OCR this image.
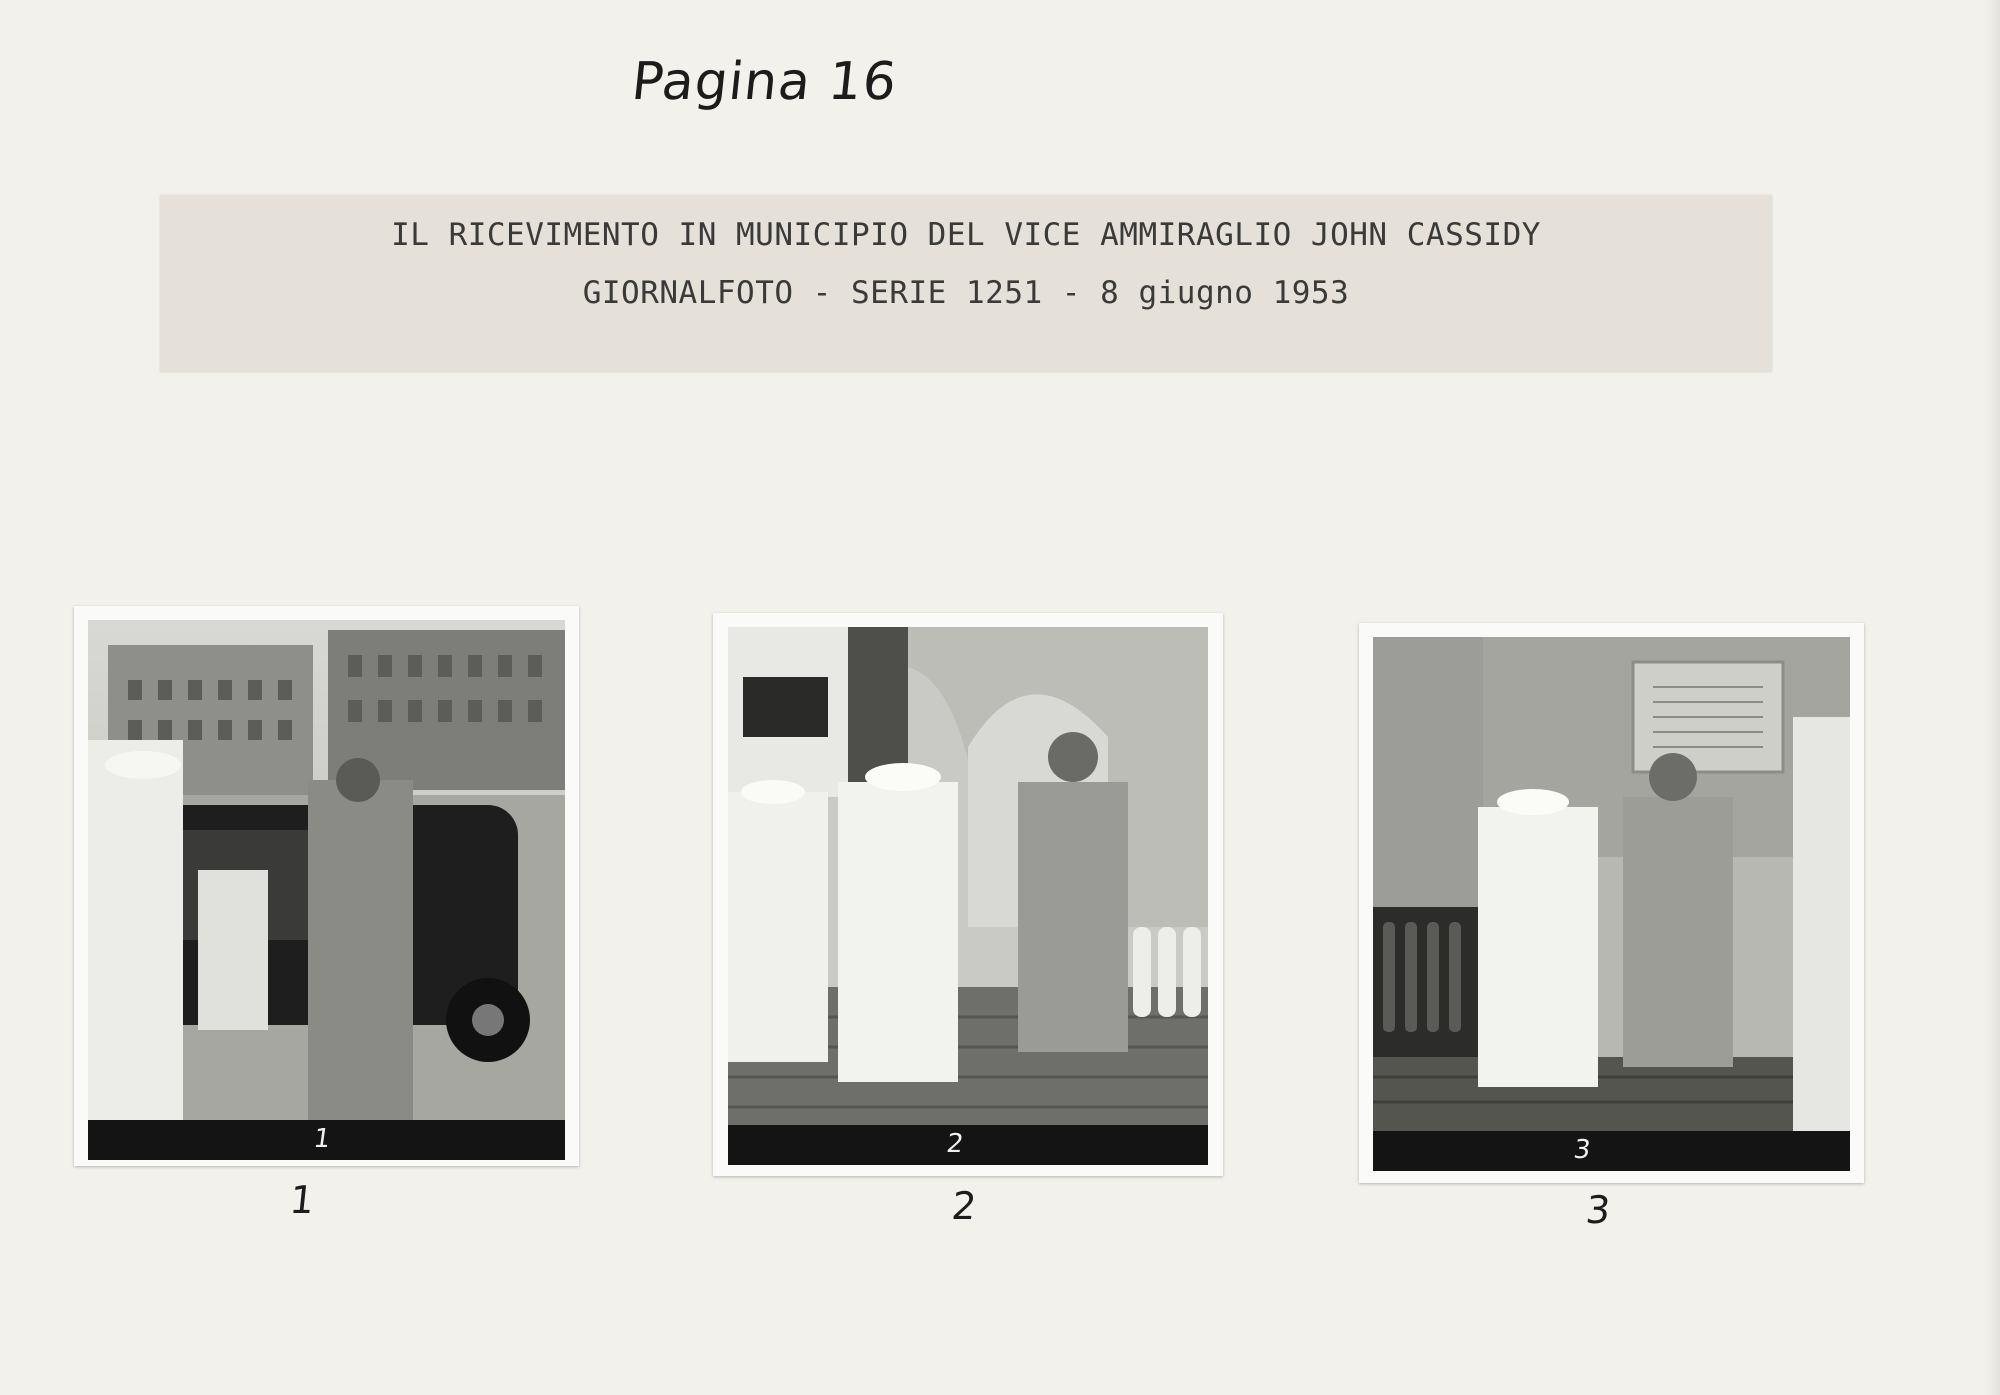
Pagina 16
IL RICEVIMENTO IN MUNICIPIO DEL VICE AMMIRAGLIO JOHN CASSIDY
GIORNALFOTO - SERIE 1251 - 8 giugno 1953
1
1
2
2
3
3
